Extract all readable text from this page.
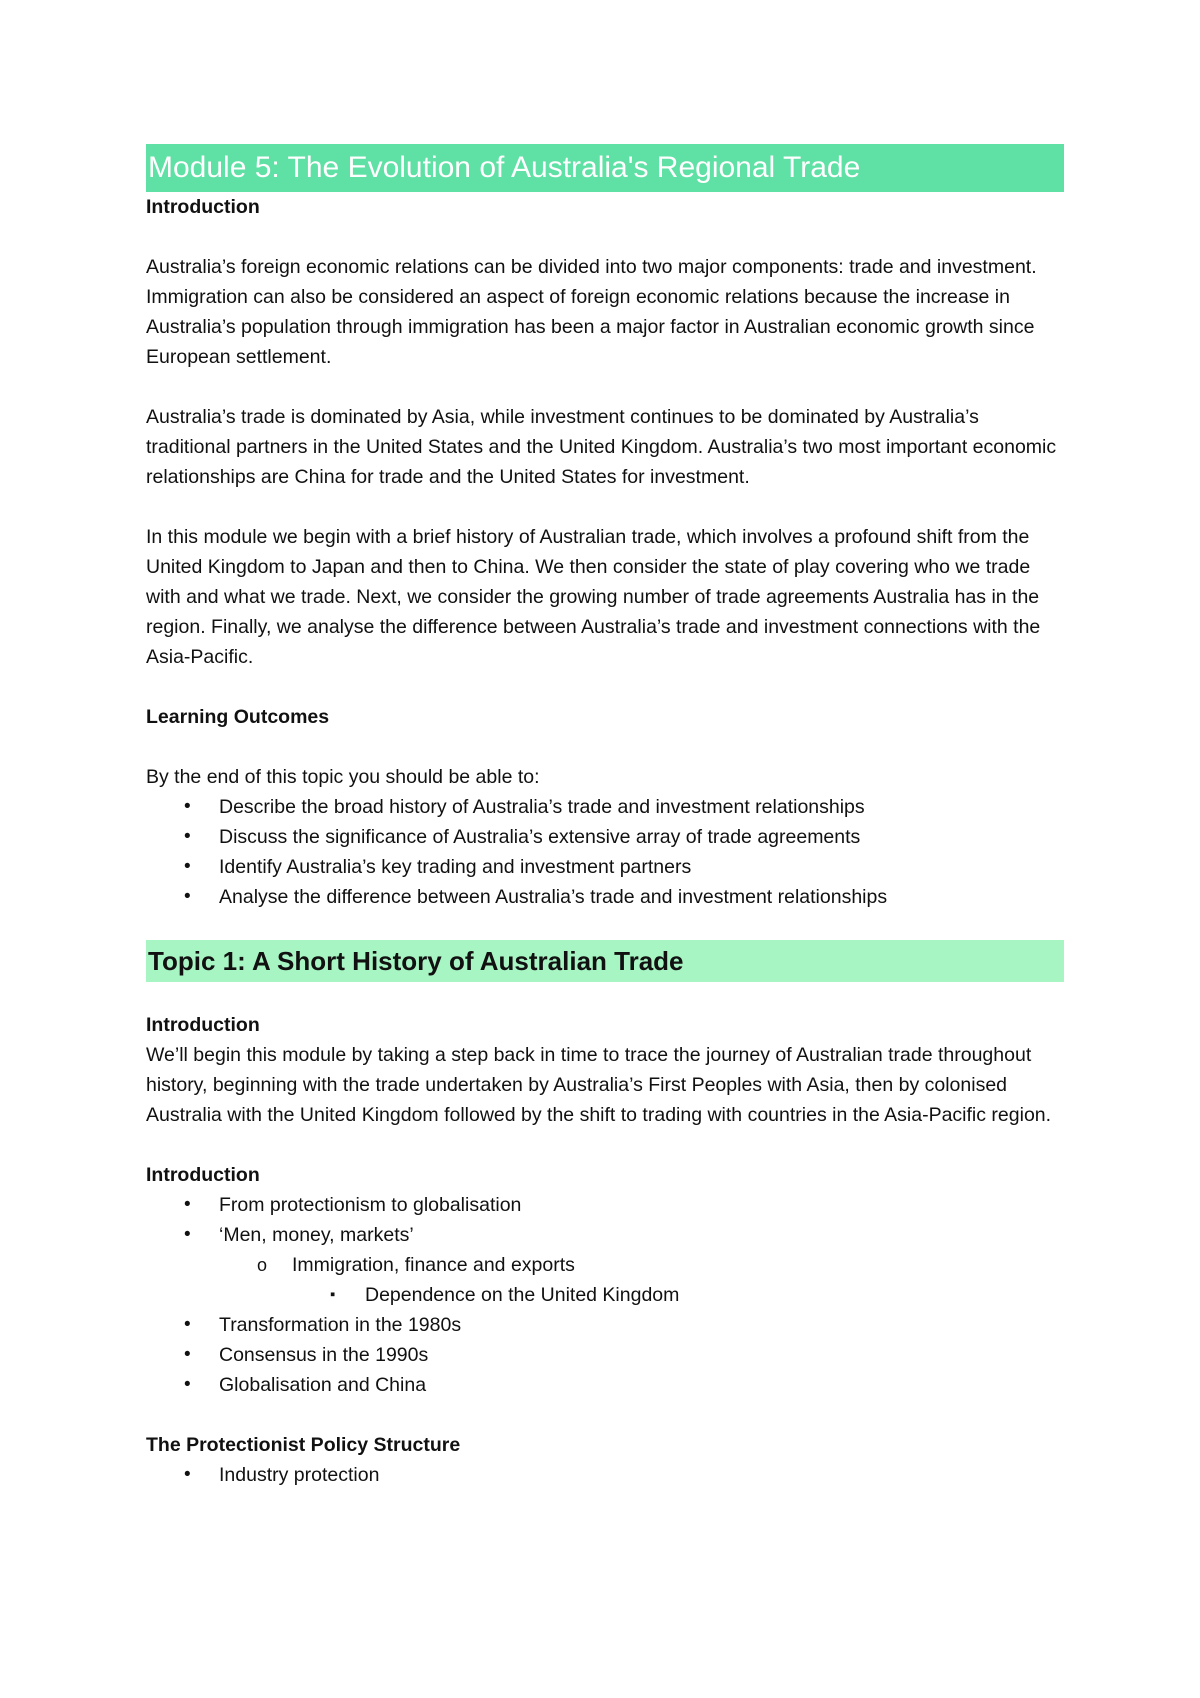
Module 5: The Evolution of Australia's Regional Trade
Introduction

Australia’s foreign economic relations can be divided into two major components: trade and investment. Immigration can also be considered an aspect of foreign economic relations because the increase in Australia’s population through immigration has been a major factor in Australian economic growth since European settlement.

Australia’s trade is dominated by Asia, while investment continues to be dominated by Australia’s traditional partners in the United States and the United Kingdom. Australia’s two most important economic relationships are China for trade and the United States for investment.

In this module we begin with a brief history of Australian trade, which involves a profound shift from the United Kingdom to Japan and then to China. We then consider the state of play covering who we trade with and what we trade. Next, we consider the growing number of trade agreements Australia has in the region. Finally, we analyse the difference between Australia’s trade and investment connections with the Asia-Pacific.

Learning Outcomes

By the end of this topic you should be able to:

• Describe the broad history of Australia’s trade and investment relationships
• Discuss the significance of Australia’s extensive array of trade agreements
• Identify Australia’s key trading and investment partners
• Analyse the difference between Australia’s trade and investment relationships
Topic 1: A Short History of Australian Trade
Introduction

We’ll begin this module by taking a step back in time to trace the journey of Australian trade throughout history, beginning with the trade undertaken by Australia’s First Peoples with Asia, then by colonised Australia with the United Kingdom followed by the shift to trading with countries in the Asia-Pacific region.

Introduction
• From protectionism to globalisation
• ‘Men, money, markets’
o Immigration, finance and exports
▪ Dependence on the United Kingdom
• Transformation in the 1980s
• Consensus in the 1990s
• Globalisation and China
The Protectionist Policy Structure
• Industry protection
